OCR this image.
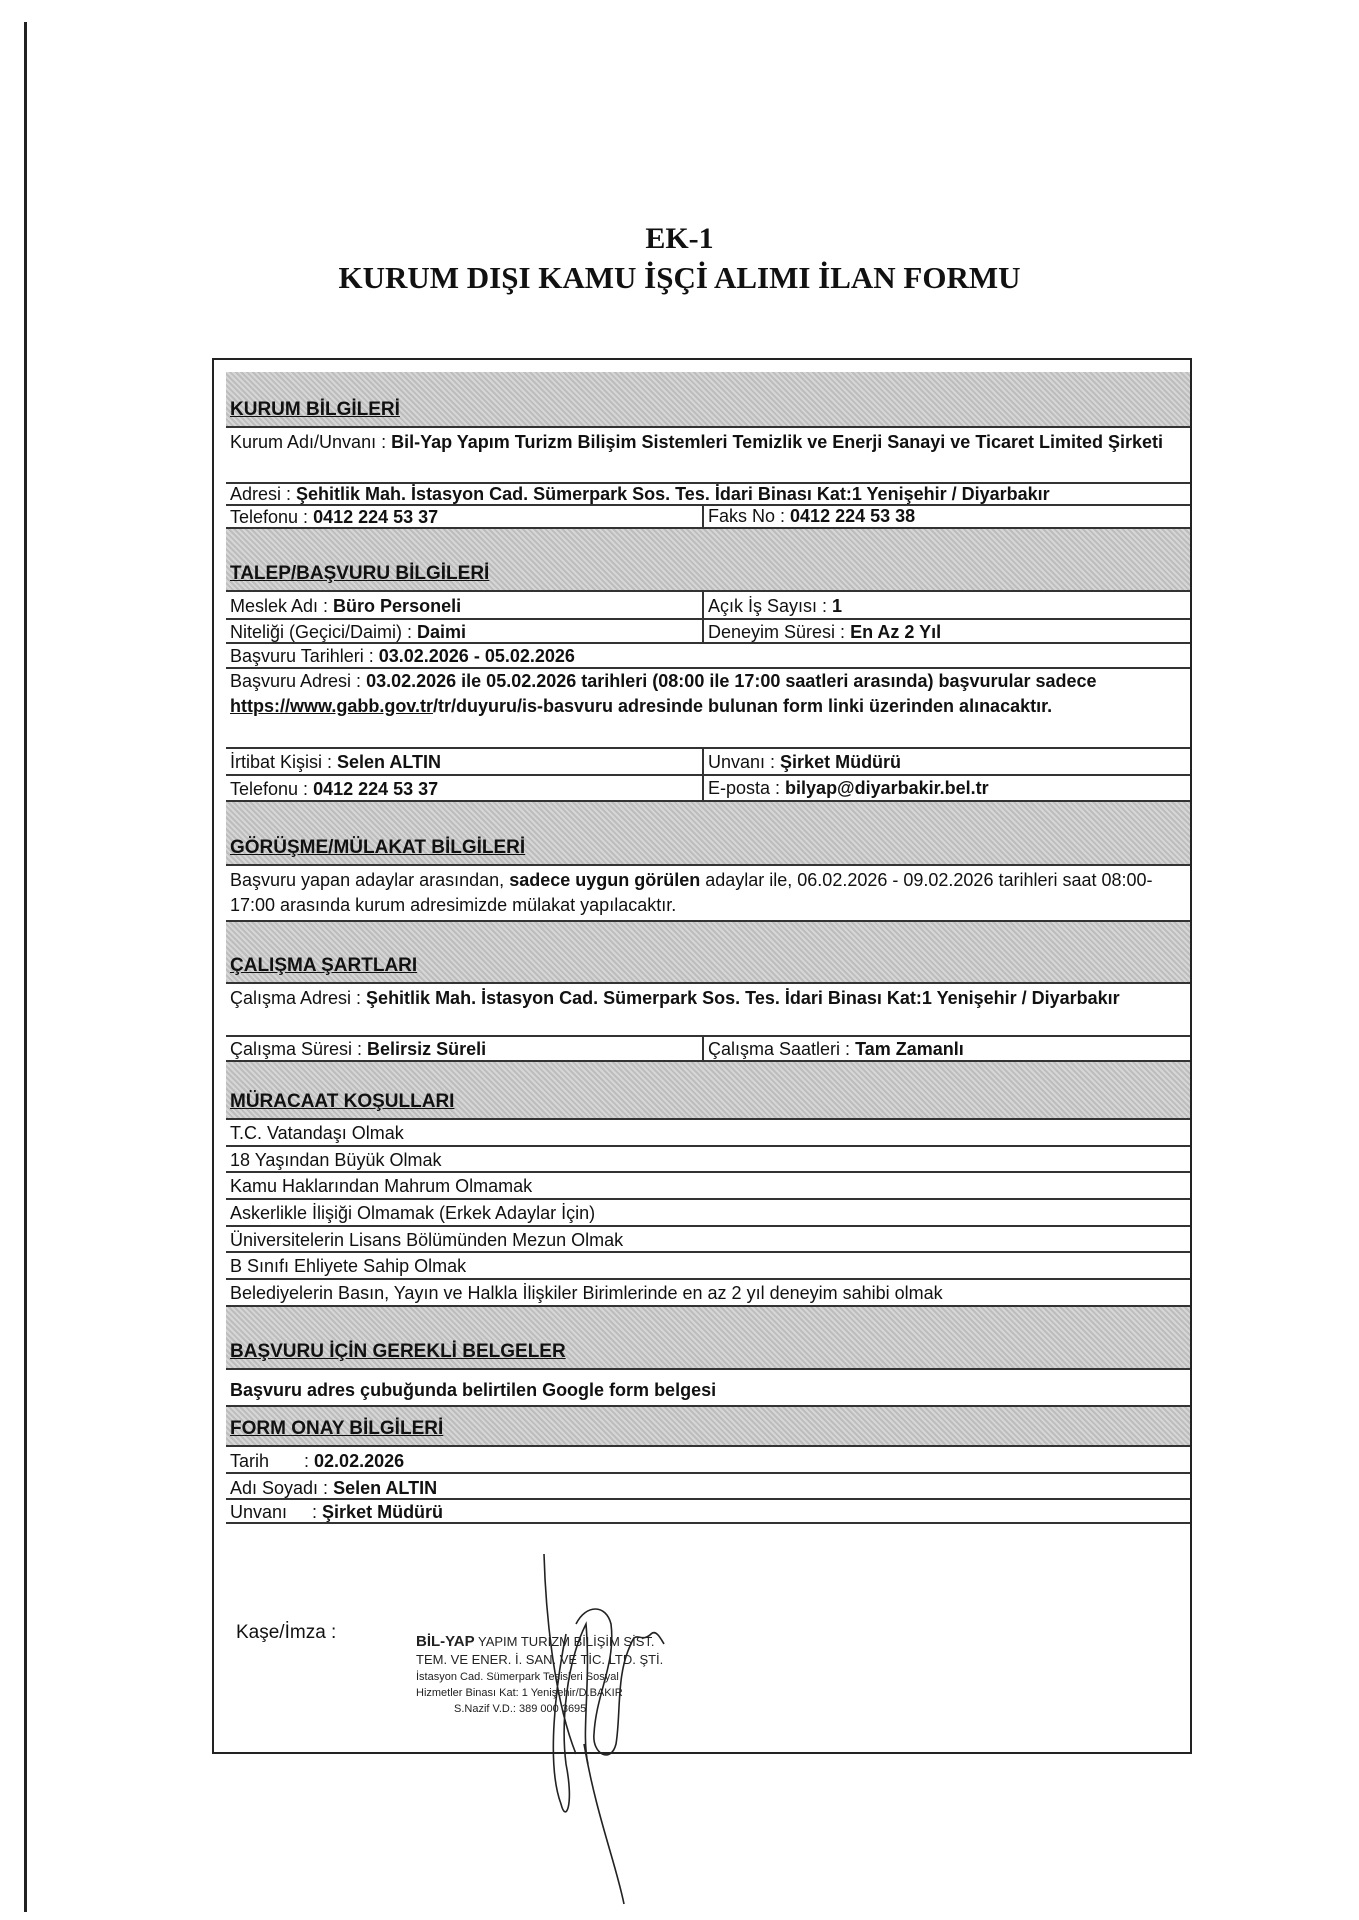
EK-1
KURUM DIŞI KAMU İŞÇİ ALIMI İLAN FORMU
KURUM BİLGİLERİ
Kurum Adı/Unvanı : Bil-Yap Yapım Turizm Bilişim Sistemleri Temizlik ve Enerji Sanayi ve Ticaret Limited Şirketi
Adresi : Şehitlik Mah. İstasyon Cad. Sümerpark Sos. Tes. İdari Binası Kat:1 Yenişehir / Diyarbakır
Telefonu : 0412 224 53 37	Faks No : 0412 224 53 38
TALEP/BAŞVURU BİLGİLERİ
Meslek Adı : Büro Personeli	Açık İş Sayısı : 1
Niteliği (Geçici/Daimi) : Daimi	Deneyim Süresi : En Az 2 Yıl
Başvuru Tarihleri : 03.02.2026 - 05.02.2026
Başvuru Adresi : 03.02.2026 ile 05.02.2026 tarihleri (08:00 ile 17:00 saatleri arasında) başvurular sadece https://www.gabb.gov.tr/tr/duyuru/is-basvuru adresinde bulunan form linki üzerinden alınacaktır.
İrtibat Kişisi : Selen ALTIN	Unvanı : Şirket Müdürü
Telefonu : 0412 224 53 37	E-posta : bilyap@diyarbakir.bel.tr
GÖRÜŞME/MÜLAKAT BİLGİLERİ
Başvuru yapan adaylar arasından, sadece uygun görülen adaylar ile, 06.02.2026 - 09.02.2026 tarihleri saat 08:00-17:00 arasında kurum adresimizde mülakat yapılacaktır.
ÇALIŞMA ŞARTLARI
Çalışma Adresi : Şehitlik Mah. İstasyon Cad. Sümerpark Sos. Tes. İdari Binası Kat:1 Yenişehir / Diyarbakır
Çalışma Süresi : Belirsiz Süreli	Çalışma Saatleri : Tam Zamanlı
MÜRACAAT KOŞULLARI
T.C. Vatandaşı Olmak
18 Yaşından Büyük Olmak
Kamu Haklarından Mahrum Olmamak
Askerlikle İlişiği Olmamak (Erkek Adaylar İçin)
Üniversitelerin Lisans Bölümünden Mezun Olmak
B Sınıfı Ehliyete Sahip Olmak
Belediyelerin Basın, Yayın ve Halkla İlişkiler Birimlerinde en az 2 yıl deneyim sahibi olmak
BAŞVURU İÇİN GEREKLİ BELGELER
Başvuru adres çubuğunda belirtilen Google form belgesi
FORM ONAY BİLGİLERİ
Tarih       : 02.02.2026
Adı Soyadı : Selen ALTIN
Unvanı     : Şirket Müdürü
Kaşe/İmza :	BİL-YAP YAPIM TURİZM BİLİŞİM SİST.
TEM. VE ENER. İ. SAN. VE TİC. LTD. ŞTİ.
İstasyon Cad. Sümerpark Tesisleri Sosyal
Hizmetler Binası Kat: 1 Yenişehir/D.BAKIR
S.Nazif V.D.: 389 000 3695
